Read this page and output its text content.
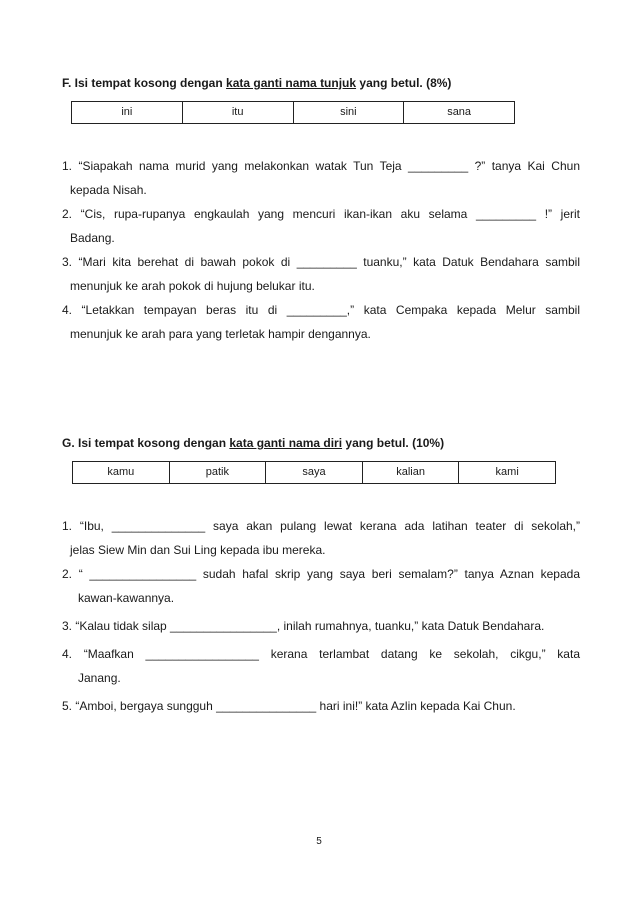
F. Isi tempat kosong dengan kata ganti nama tunjuk yang betul. (8%)

ini	itu	sini	sana

1. “Siapakah nama murid yang melakonkan watak Tun Teja _________ ?” tanya Kai Chun
kepada Nisah.

2. “Cis, rupa-rupanya engkaulah yang mencuri ikan-ikan aku selama _________ !” jerit
Badang.

3. “Mari kita berehat di bawah pokok di _________ tuanku,” kata Datuk Bendahara sambil
menunjuk ke arah pokok di hujung belukar itu.

4. “Letakkan tempayan beras itu di _________,” kata Cempaka kepada Melur sambil
menunjuk ke arah para yang terletak hampir dengannya.

G. Isi tempat kosong dengan kata ganti nama diri yang betul. (10%)

kamu	patik	saya	kalian	kami

1. “Ibu, ______________ saya akan pulang lewat kerana ada latihan teater di sekolah,”
jelas Siew Min dan Sui Ling kepada ibu mereka.

2. “ ________________ sudah hafal skrip yang saya beri semalam?” tanya Aznan kepada
kawan-kawannya.

3. “Kalau tidak silap ________________, inilah rumahnya, tuanku,” kata Datuk Bendahara.

4. “Maafkan _________________ kerana terlambat datang ke sekolah, cikgu,” kata
Janang.

5. “Amboi, bergaya sungguh _______________ hari ini!” kata Azlin kepada Kai Chun.

5
